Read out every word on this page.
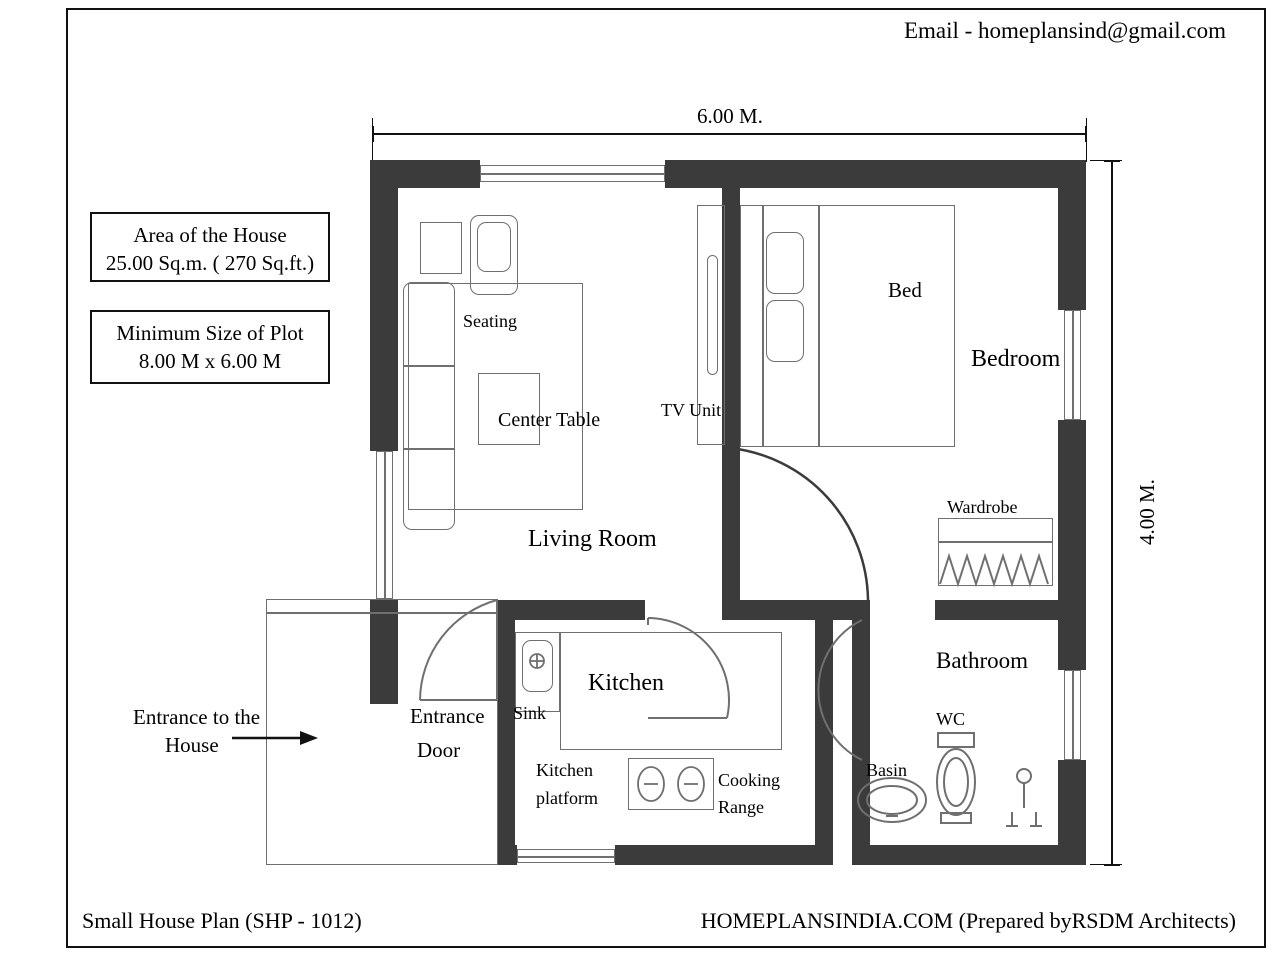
Email - homeplansind@gmail.com
Area of the House
25.00 Sq.m. ( 270 Sq.ft.)
Minimum Size of Plot
8.00 M x 6.00 M
6.00 M.
4.00 M.
Seating
Center Table
Living Room
TV Unit
Bed
Bedroom
Wardrobe
Bathroom
WC
Basin
Kitchen
Sink
Kitchen
platform
Cooking
Range
Entrance to the
House
Entrance
Door
Small House Plan (SHP - 1012)	HOMEPLANSINDIA.COM (Prepared byRSDM Architects)
